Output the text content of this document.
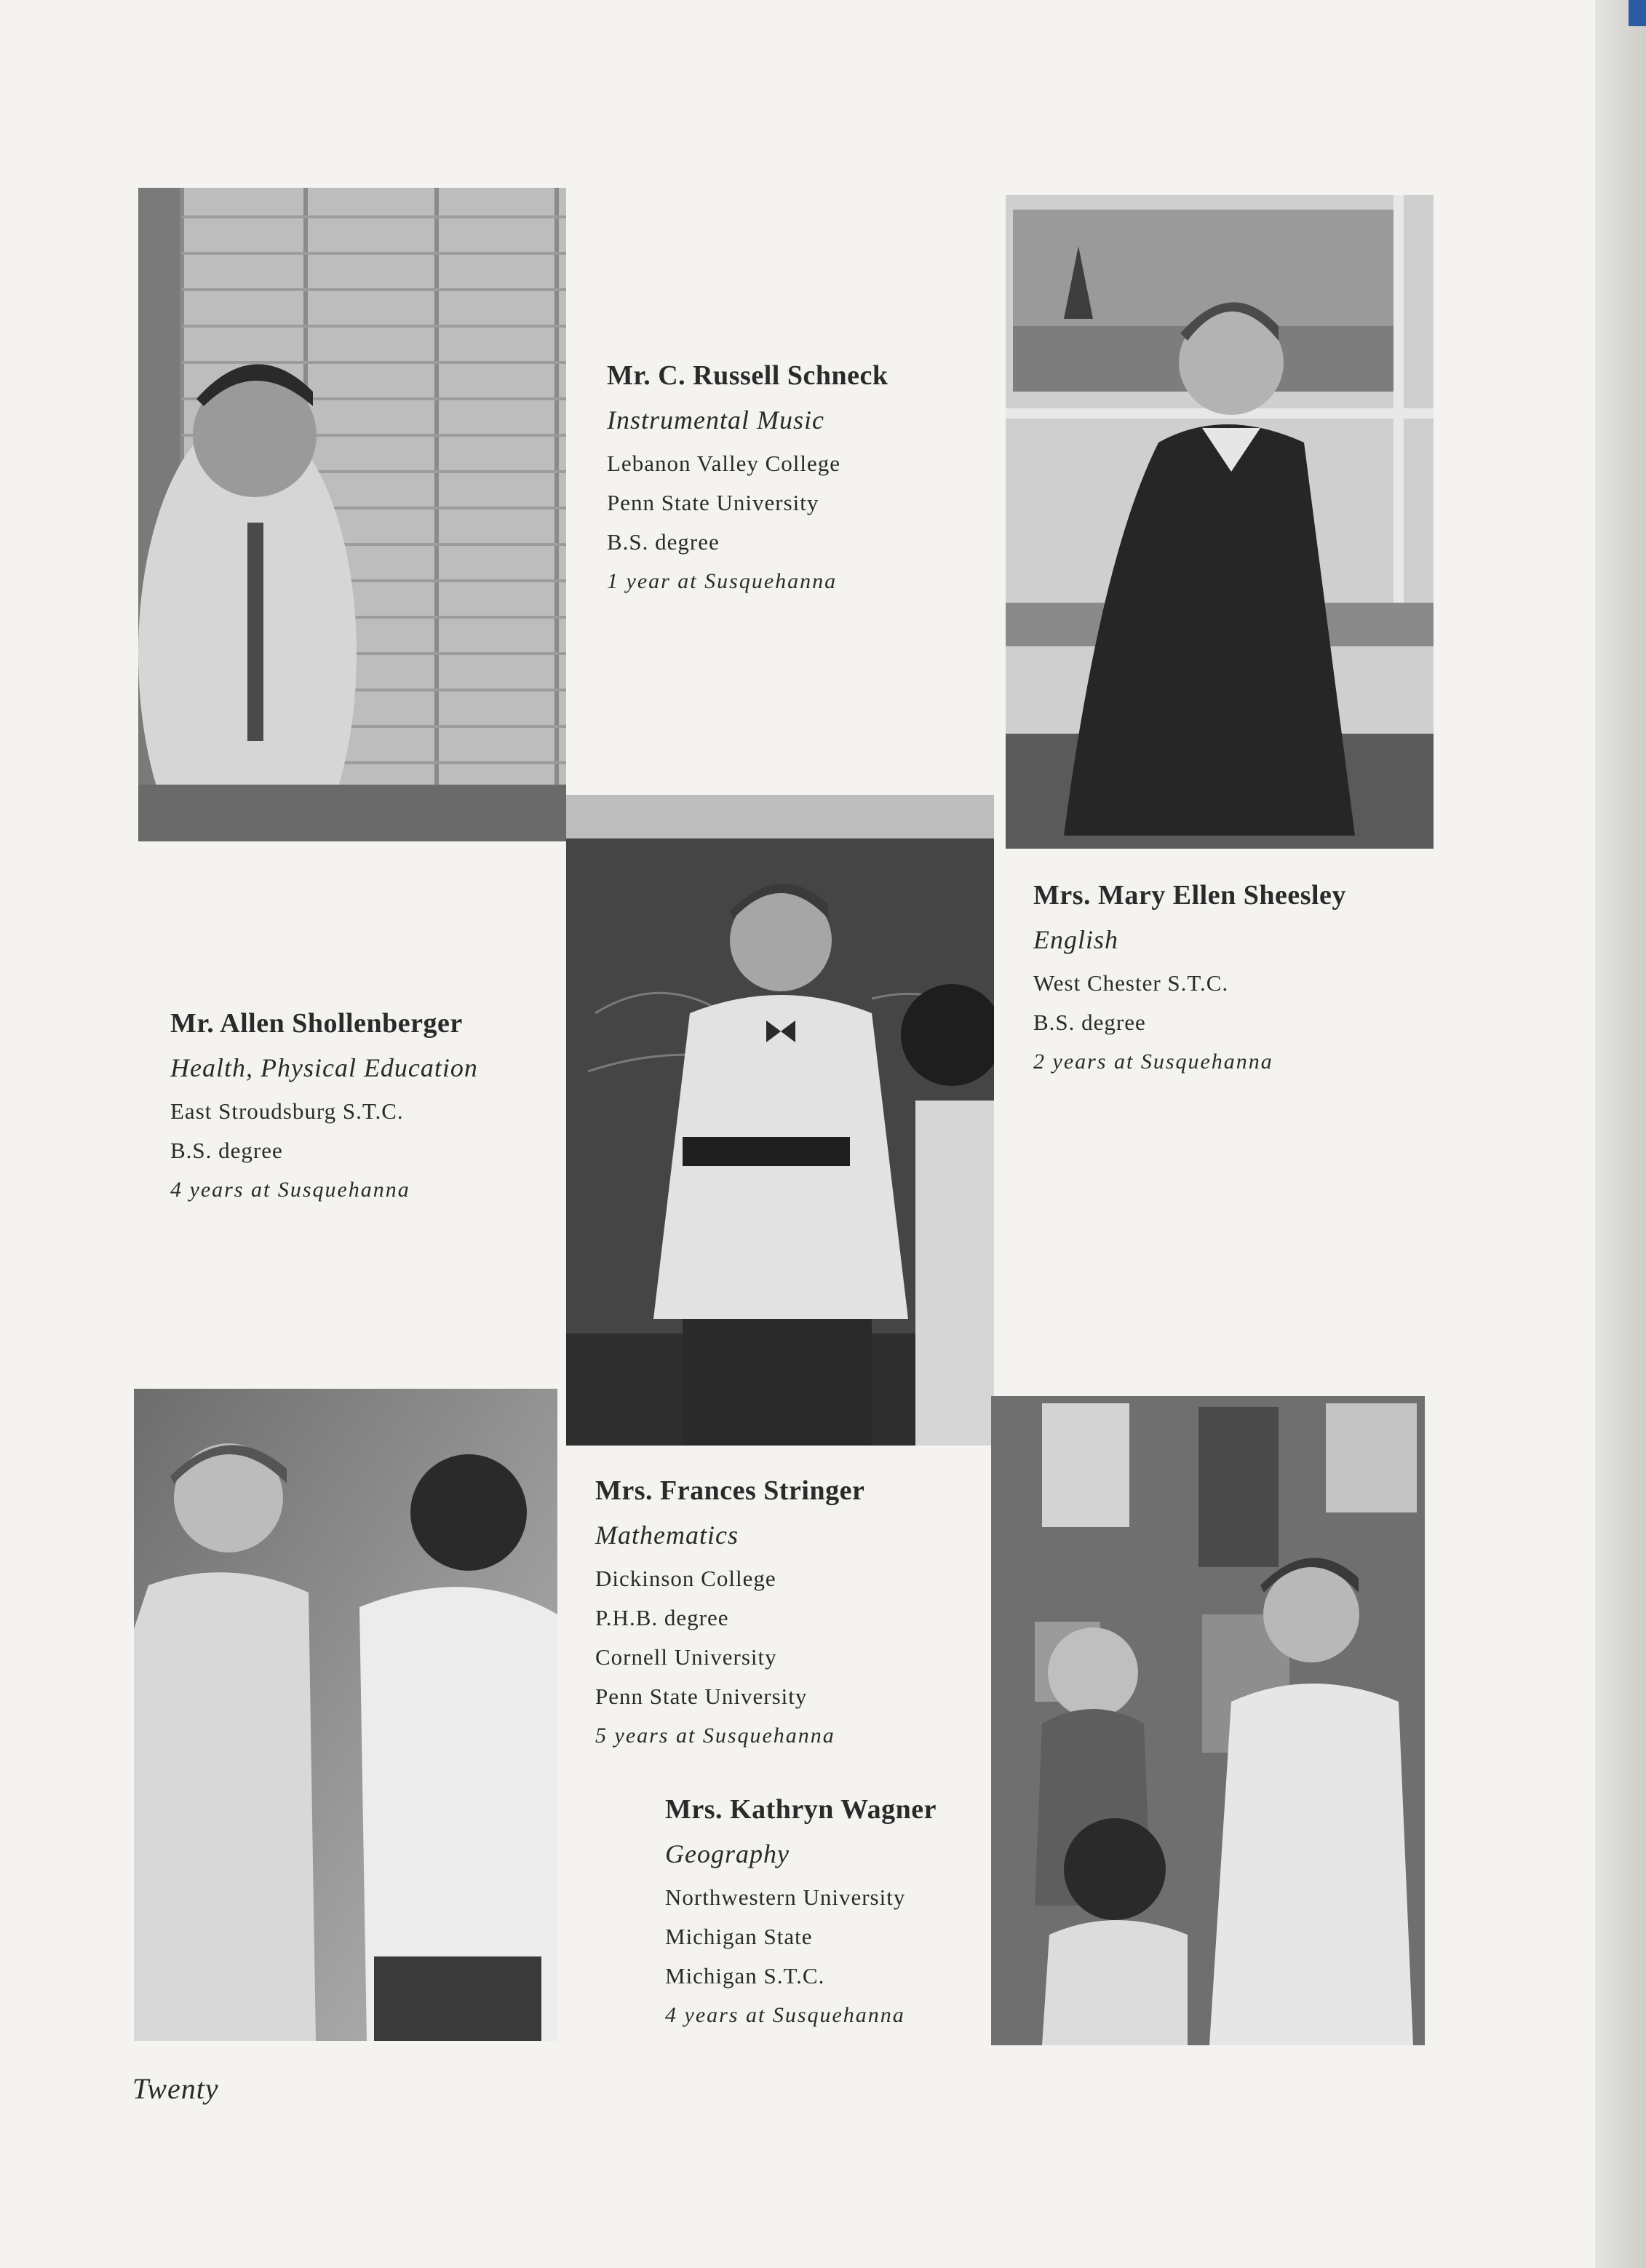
Mr. C. Russell Schneck
Instrumental Music
Lebanon Valley College
Penn State University
B.S. degree
1 year at Susquehanna
Mrs. Mary Ellen Sheesley
English
West Chester S.T.C.
B.S. degree
2 years at Susquehanna
Mr. Allen Shollenberger
Health, Physical Education
East Stroudsburg S.T.C.
B.S. degree
4 years at Susquehanna
Mrs. Frances Stringer
Mathematics
Dickinson College
P.H.B. degree
Cornell University
Penn State University
5 years at Susquehanna
Mrs. Kathryn Wagner
Geography
Northwestern University
Michigan State
Michigan S.T.C.
4 years at Susquehanna
Twenty
